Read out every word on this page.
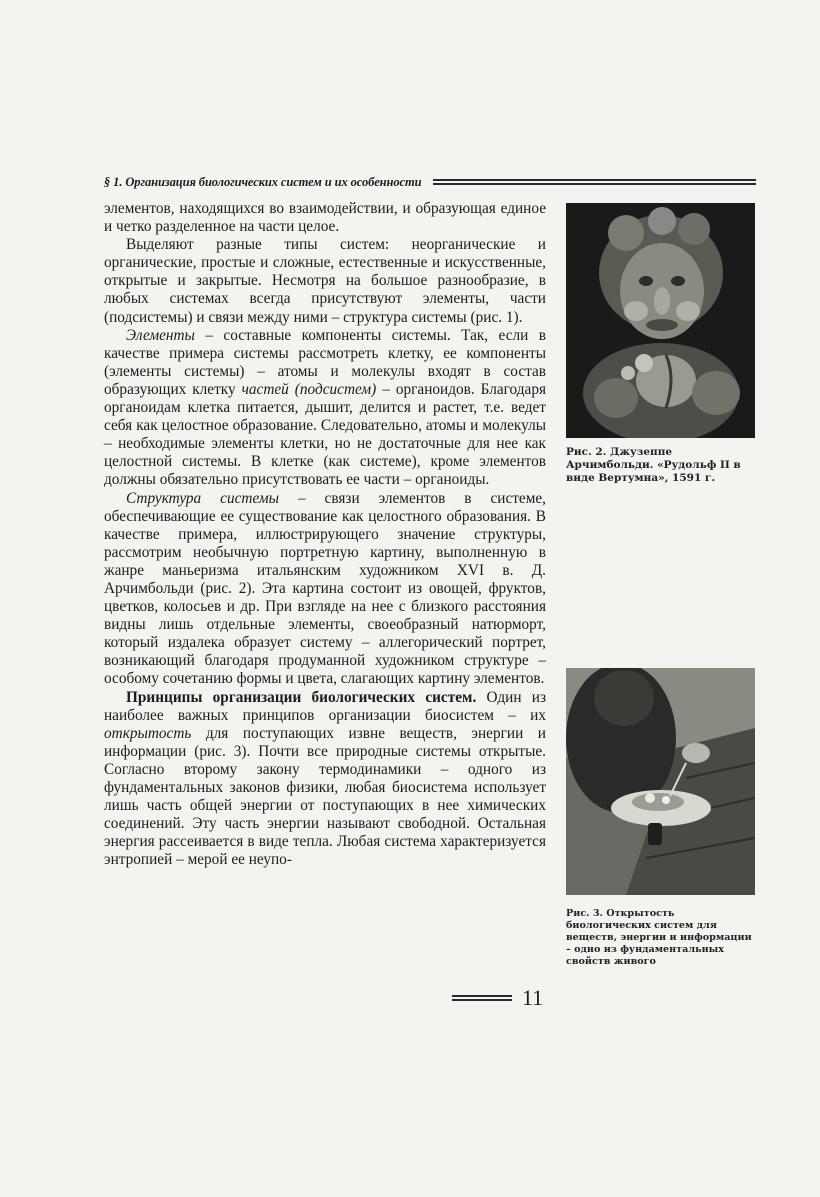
§ 1. Организация биологических систем и их особенности

элементов, находящихся во взаимодействии, и образующая единое и четко разделенное на части целое.

Выделяют разные типы систем: неорганические и органические, простые и сложные, естественные и искусственные, открытые и закрытые. Несмотря на большое разнообразие, в любых системах всегда присутствуют элементы, части (подсистемы) и связи между ними – структура системы (рис. 1).

Элементы – составные компоненты системы. Так, если в качестве примера системы рассмотреть клетку, ее компоненты (элементы системы) – атомы и молекулы входят в состав образующих клетку частей (подсистем) – органоидов. Благодаря органоидам клетка питается, дышит, делится и растет, т.е. ведет себя как целостное образование. Следовательно, атомы и молекулы – необходимые элементы клетки, но не достаточные для нее как целостной системы. В клетке (как системе), кроме элементов должны обязательно присутствовать ее части – органоиды.

Структура системы – связи элементов в системе, обеспечивающие ее существование как целостного образования. В качестве примера, иллюстрирующего значение структуры, рассмотрим необычную портретную картину, выполненную в жанре маньеризма итальянским художником XVI в. Д. Арчимбольди (рис. 2). Эта картина состоит из овощей, фруктов, цветков, колосьев и др. При взгляде на нее с близкого расстояния видны лишь отдельные элементы, своеобразный натюрморт, который издалека образует систему – аллегорический портрет, возникающий благодаря продуманной художником структуре – особому сочетанию формы и цвета, слагающих картину элементов.

Принципы организации биологических систем. Один из наиболее важных принципов организации биосистем – их открытость для поступающих извне веществ, энергии и информации (рис. 3). Почти все природные системы открытые. Согласно второму закону термодинамики – одного из фундаментальных законов физики, любая биосистема использует лишь часть общей энергии от поступающих в нее химических соединений. Эту часть энергии называют свободной. Остальная энергия рассеивается в виде тепла. Любая система характеризуется энтропией – мерой ее неупо-

Рис. 2. Джузеппе Арчимбольди. «Рудольф II в виде Вертумна», 1591 г.
Рис. 3. Открытость биологических систем для веществ, энергии и информации – одно из фундаментальных свойств живого
11
